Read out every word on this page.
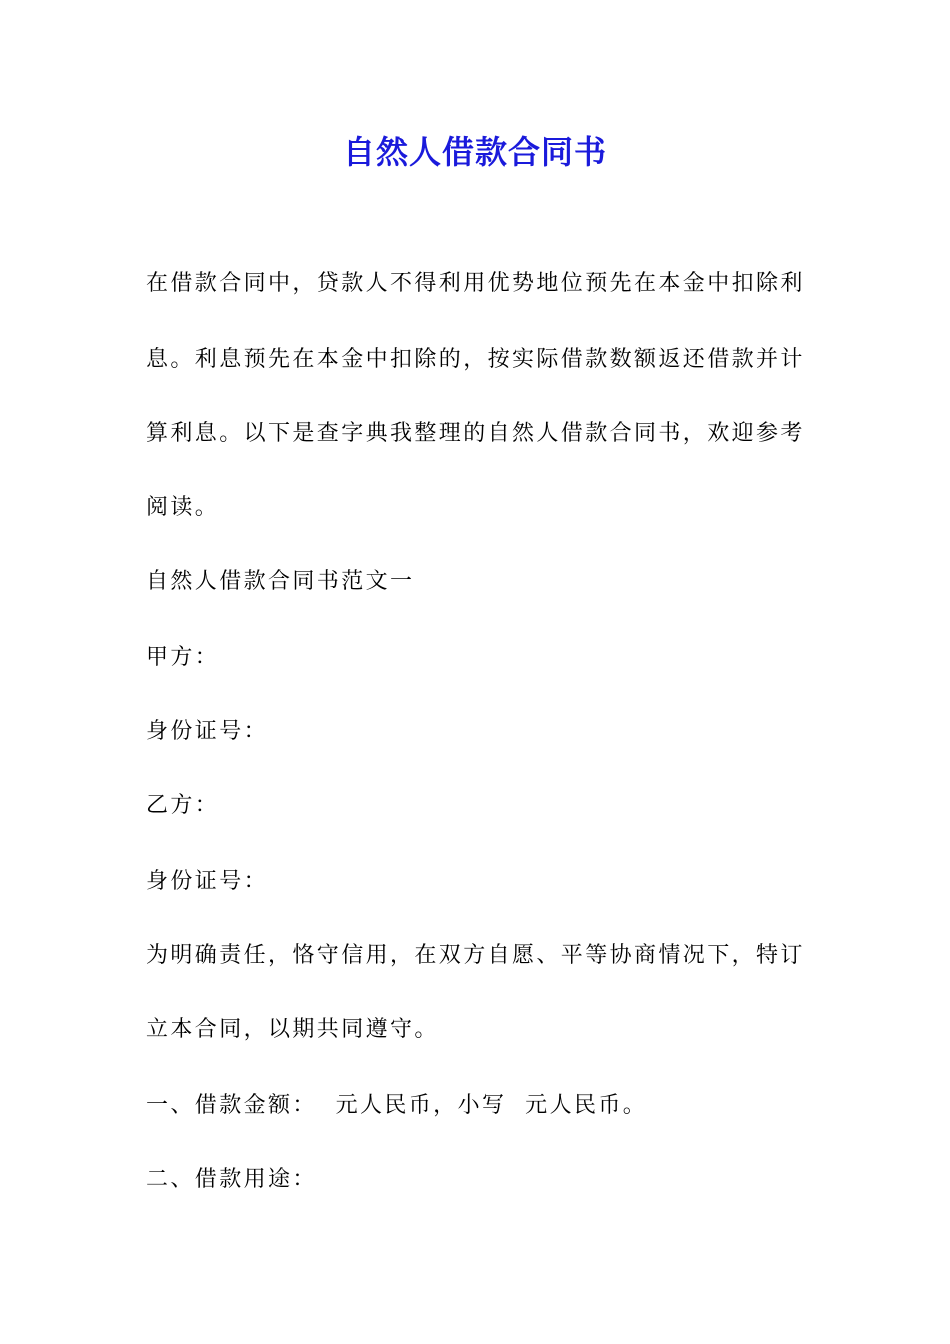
自然人借款合同书
在借款合同中，贷款人不得利用优势地位预先在本金中扣除利
息。利息预先在本金中扣除的，按实际借款数额返还借款并计
算利息。以下是查字典我整理的自然人借款合同书，欢迎参考
阅读。
自然人借款合同书范文一
甲方：
身份证号：
乙方：
身份证号：
为明确责任，恪守信用，在双方自愿、平等协商情况下，特订
立本合同，以期共同遵守。
一、借款金额：  元人民币，小写  元人民币。
二、借款用途：
